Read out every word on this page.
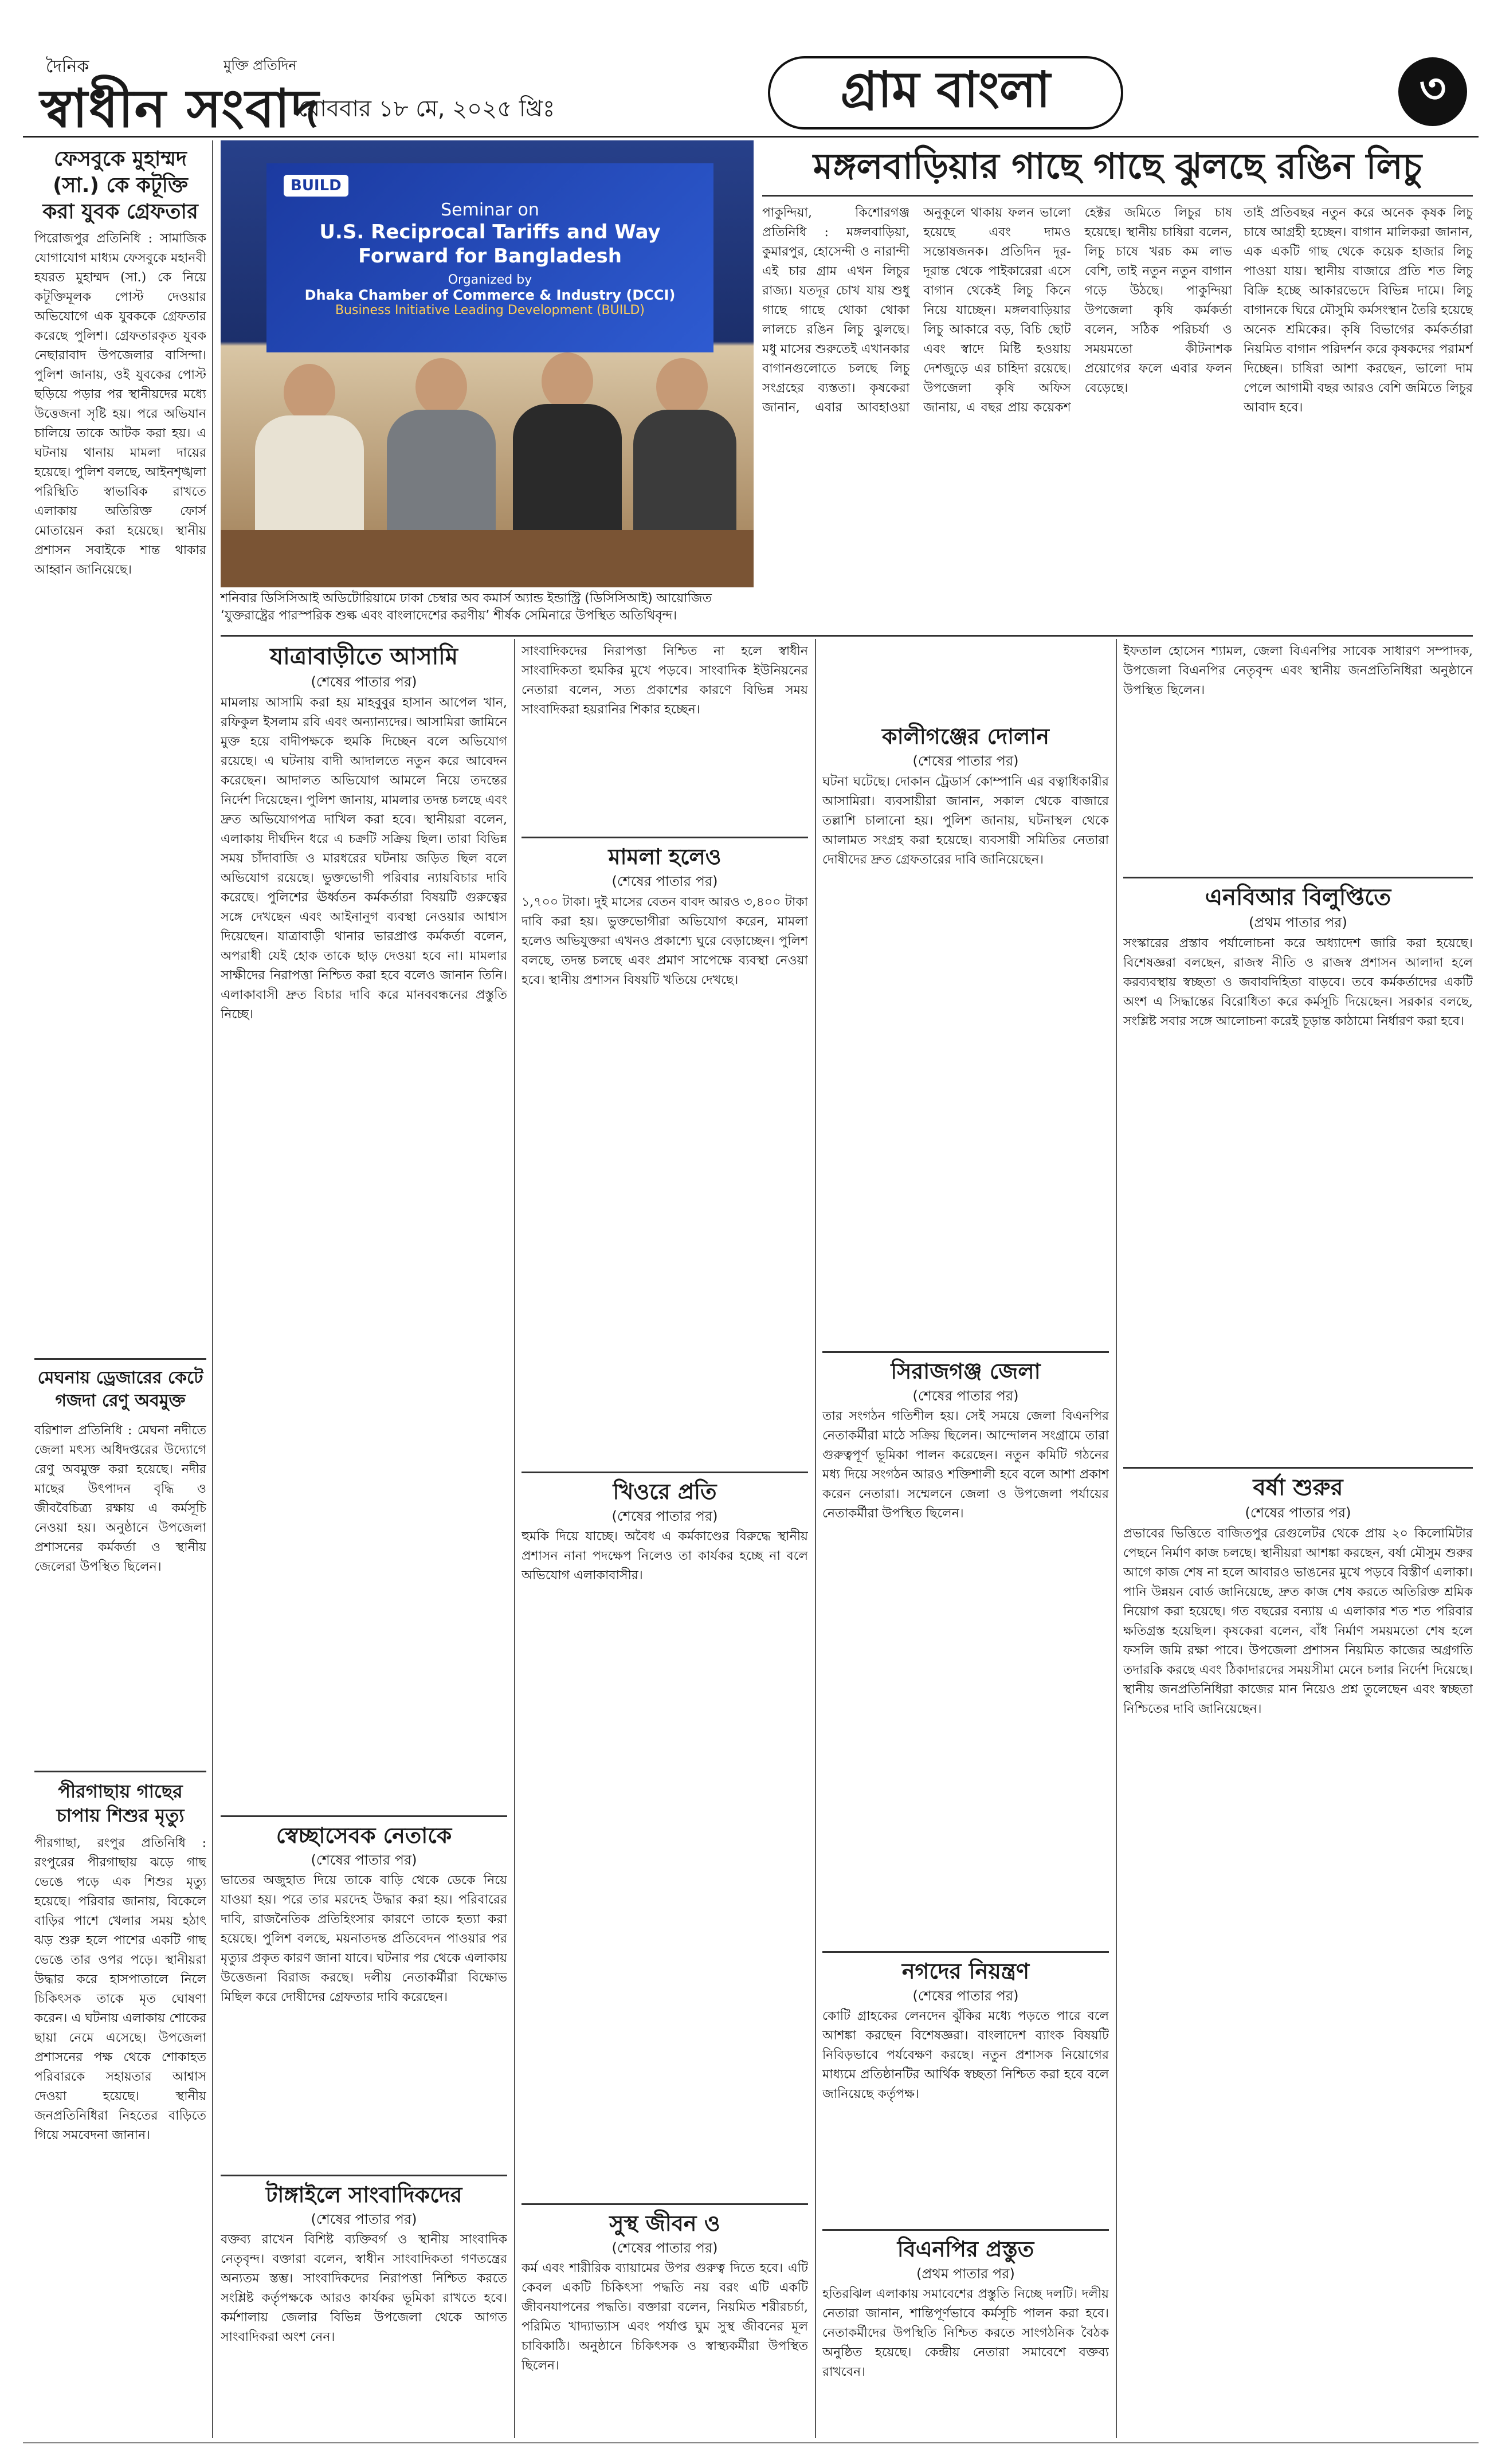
দৈনিক
স্বাধীন সংবাদ
মুক্তি প্রতিদিন
রোববার ১৮ মে, ২০২৫ খ্রিঃ	গ্রাম বাংলা	৩
ফেসবুকে মুহাম্মদ (সা.) কে কটূক্তি করা যুবক গ্রেফতার
পিরোজপুর প্রতিনিধি : সামাজিক যোগাযোগ মাধ্যম ফেসবুকে মহানবী হযরত মুহাম্মদ (সা.) কে নিয়ে কটূক্তিমূলক পোস্ট দেওয়ার অভিযোগে এক যুবককে গ্রেফতার করেছে পুলিশ। গ্রেফতারকৃত যুবক নেছারাবাদ উপজেলার বাসিন্দা। পুলিশ জানায়, ওই যুবকের পোস্ট ছড়িয়ে পড়ার পর স্থানীয়দের মধ্যে উত্তেজনা সৃষ্টি হয়। পরে অভিযান চালিয়ে তাকে আটক করা হয়। এ ঘটনায় থানায় মামলা দায়ের হয়েছে। পুলিশ বলছে, আইনশৃঙ্খলা পরিস্থিতি স্বাভাবিক রাখতে এলাকায় অতিরিক্ত ফোর্স মোতায়েন করা হয়েছে। স্থানীয় প্রশাসন সবাইকে শান্ত থাকার আহ্বান জানিয়েছে।
মেঘনায় ড্রেজারের কেটে গজদা রেণু অবমুক্ত
বরিশাল প্রতিনিধি : মেঘনা নদীতে জেলা মৎস্য অধিদপ্তরের উদ্যোগে রেণু অবমুক্ত করা হয়েছে। নদীর মাছের উৎপাদন বৃদ্ধি ও জীববৈচিত্র্য রক্ষায় এ কর্মসূচি নেওয়া হয়। অনুষ্ঠানে উপজেলা প্রশাসনের কর্মকর্তা ও স্থানীয় জেলেরা উপস্থিত ছিলেন।
পীরগাছায় গাছের চাপায় শিশুর মৃত্যু
পীরগাছা, রংপুর প্রতিনিধি : রংপুরের পীরগাছায় ঝড়ে গাছ ভেঙে পড়ে এক শিশুর মৃত্যু হয়েছে। পরিবার জানায়, বিকেলে বাড়ির পাশে খেলার সময় হঠাৎ ঝড় শুরু হলে পাশের একটি গাছ ভেঙে তার ওপর পড়ে। স্থানীয়রা উদ্ধার করে হাসপাতালে নিলে চিকিৎসক তাকে মৃত ঘোষণা করেন। এ ঘটনায় এলাকায় শোকের ছায়া নেমে এসেছে। উপজেলা প্রশাসনের পক্ষ থেকে শোকাহত পরিবারকে সহায়তার আশ্বাস দেওয়া হয়েছে। স্থানীয় জনপ্রতিনিধিরা নিহতের বাড়িতে গিয়ে সমবেদনা জানান।
BUILD
Seminar on
U.S. Reciprocal Tariffs and Way Forward for Bangladesh
Organized by
Dhaka Chamber of Commerce & Industry (DCCI)
Business Initiative Leading Development (BUILD)
শনিবার ডিসিসিআই অডিটোরিয়ামে ঢাকা চেম্বার অব কমার্স অ্যান্ড ইন্ডাস্ট্রি (ডিসিসিআই) আয়োজিত ‘যুক্তরাষ্ট্রের পারস্পরিক শুল্ক এবং বাংলাদেশের করণীয়’ শীর্ষক সেমিনারে উপস্থিত অতিথিবৃন্দ।
মঙ্গলবাড়িয়ার গাছে গাছে ঝুলছে রঙিন লিচু
পাকুন্দিয়া, কিশোরগঞ্জ প্রতিনিধি : মঙ্গলবাড়িয়া, কুমারপুর, হোসেন্দী ও নারান্দী এই চার গ্রাম এখন লিচুর রাজ্য। যতদূর চোখ যায় শুধু গাছে গাছে থোকা থোকা লালচে রঙিন লিচু ঝুলছে। মধু মাসের শুরুতেই এখানকার বাগানগুলোতে চলছে লিচু সংগ্রহের ব্যস্ততা। কৃষকেরা জানান, এবার আবহাওয়া অনুকূলে থাকায় ফলন ভালো হয়েছে এবং দামও সন্তোষজনক। প্রতিদিন দূর-দূরান্ত থেকে পাইকারেরা এসে বাগান থেকেই লিচু কিনে নিয়ে যাচ্ছেন। মঙ্গলবাড়িয়ার লিচু আকারে বড়, বিচি ছোট এবং স্বাদে মিষ্টি হওয়ায় দেশজুড়ে এর চাহিদা রয়েছে। উপজেলা কৃষি অফিস জানায়, এ বছর প্রায় কয়েকশ হেক্টর জমিতে লিচুর চাষ হয়েছে। স্থানীয় চাষিরা বলেন, লিচু চাষে খরচ কম লাভ বেশি, তাই নতুন নতুন বাগান গড়ে উঠছে। পাকুন্দিয়া উপজেলা কৃষি কর্মকর্তা বলেন, সঠিক পরিচর্যা ও সময়মতো কীটনাশক প্রয়োগের ফলে এবার ফলন বেড়েছে।
তাই প্রতিবছর নতুন করে অনেক কৃষক লিচু চাষে আগ্রহী হচ্ছেন। বাগান মালিকরা জানান, এক একটি গাছ থেকে কয়েক হাজার লিচু পাওয়া যায়। স্থানীয় বাজারে প্রতি শত লিচু বিক্রি হচ্ছে আকারভেদে বিভিন্ন দামে। লিচু বাগানকে ঘিরে মৌসুমি কর্মসংস্থান তৈরি হয়েছে অনেক শ্রমিকের। কৃষি বিভাগের কর্মকর্তারা নিয়মিত বাগান পরিদর্শন করে কৃষকদের পরামর্শ দিচ্ছেন। চাষিরা আশা করছেন, ভালো দাম পেলে আগামী বছর আরও বেশি জমিতে লিচুর আবাদ হবে।
যাত্রাবাড়ীতে আসামি
(শেষের পাতার পর)
মামলায় আসামি করা হয় মাহবুবুর হাসান আপেল খান, রফিকুল ইসলাম রবি এবং অন্যান্যদের। আসামিরা জামিনে মুক্ত হয়ে বাদীপক্ষকে হুমকি দিচ্ছেন বলে অভিযোগ রয়েছে। এ ঘটনায় বাদী আদালতে নতুন করে আবেদন করেছেন। আদালত অভিযোগ আমলে নিয়ে তদন্তের নির্দেশ দিয়েছেন। পুলিশ জানায়, মামলার তদন্ত চলছে এবং দ্রুত অভিযোগপত্র দাখিল করা হবে। স্থানীয়রা বলেন, এলাকায় দীর্ঘদিন ধরে এ চক্রটি সক্রিয় ছিল। তারা বিভিন্ন সময় চাঁদাবাজি ও মারধরের ঘটনায় জড়িত ছিল বলে অভিযোগ রয়েছে। ভুক্তভোগী পরিবার ন্যায়বিচার দাবি করেছে। পুলিশের ঊর্ধ্বতন কর্মকর্তারা বিষয়টি গুরুত্বের সঙ্গে দেখছেন এবং আইনানুগ ব্যবস্থা নেওয়ার আশ্বাস দিয়েছেন। যাত্রাবাড়ী থানার ভারপ্রাপ্ত কর্মকর্তা বলেন, অপরাধী যেই হোক তাকে ছাড় দেওয়া হবে না। মামলার সাক্ষীদের নিরাপত্তা নিশ্চিত করা হবে বলেও জানান তিনি। এলাকাবাসী দ্রুত বিচার দাবি করে মানববন্ধনের প্রস্তুতি নিচ্ছে।
স্বেচ্ছাসেবক নেতাকে
(শেষের পাতার পর)
ভাতের অজুহাত দিয়ে তাকে বাড়ি থেকে ডেকে নিয়ে যাওয়া হয়। পরে তার মরদেহ উদ্ধার করা হয়। পরিবারের দাবি, রাজনৈতিক প্রতিহিংসার কারণে তাকে হত্যা করা হয়েছে। পুলিশ বলছে, ময়নাতদন্ত প্রতিবেদন পাওয়ার পর মৃত্যুর প্রকৃত কারণ জানা যাবে। ঘটনার পর থেকে এলাকায় উত্তেজনা বিরাজ করছে। দলীয় নেতাকর্মীরা বিক্ষোভ মিছিল করে দোষীদের গ্রেফতার দাবি করেছেন।
টাঙ্গাইলে সাংবাদিকদের
(শেষের পাতার পর)
বক্তব্য রাখেন বিশিষ্ট ব্যক্তিবর্গ ও স্থানীয় সাংবাদিক নেতৃবৃন্দ। বক্তারা বলেন, স্বাধীন সাংবাদিকতা গণতন্ত্রের অন্যতম স্তম্ভ। সাংবাদিকদের নিরাপত্তা নিশ্চিত করতে সংশ্লিষ্ট কর্তৃপক্ষকে আরও কার্যকর ভূমিকা রাখতে হবে। কর্মশালায় জেলার বিভিন্ন উপজেলা থেকে আগত সাংবাদিকরা অংশ নেন।
সাংবাদিকদের নিরাপত্তা নিশ্চিত না হলে স্বাধীন সাংবাদিকতা হুমকির মুখে পড়বে। সাংবাদিক ইউনিয়নের নেতারা বলেন, সত্য প্রকাশের কারণে বিভিন্ন সময় সাংবাদিকরা হয়রানির শিকার হচ্ছেন।
মামলা হলেও
(শেষের পাতার পর)
১,৭০০ টাকা। দুই মাসের বেতন বাবদ আরও ৩,৪০০ টাকা দাবি করা হয়। ভুক্তভোগীরা অভিযোগ করেন, মামলা হলেও অভিযুক্তরা এখনও প্রকাশ্যে ঘুরে বেড়াচ্ছেন। পুলিশ বলছে, তদন্ত চলছে এবং প্রমাণ সাপেক্ষে ব্যবস্থা নেওয়া হবে। স্থানীয় প্রশাসন বিষয়টি খতিয়ে দেখছে।
খিওরে প্রতি
(শেষের পাতার পর)
হুমকি দিয়ে যাচ্ছে। অবৈধ এ কর্মকাণ্ডের বিরুদ্ধে স্থানীয় প্রশাসন নানা পদক্ষেপ নিলেও তা কার্যকর হচ্ছে না বলে অভিযোগ এলাকাবাসীর।
সুস্থ জীবন ও
(শেষের পাতার পর)
কর্ম এবং শারীরিক ব্যায়ামের উপর গুরুত্ব দিতে হবে। এটি কেবল একটি চিকিৎসা পদ্ধতি নয় বরং এটি একটি জীবনযাপনের পদ্ধতি। বক্তারা বলেন, নিয়মিত শরীরচর্চা, পরিমিত খাদ্যাভ্যাস এবং পর্যাপ্ত ঘুম সুস্থ জীবনের মূল চাবিকাঠি। অনুষ্ঠানে চিকিৎসক ও স্বাস্থ্যকর্মীরা উপস্থিত ছিলেন।
কালীগঞ্জের দোলান
(শেষের পাতার পর)
ঘটনা ঘটেছে। দোকান ট্রেডার্স কোম্পানি এর বত্বাধিকারীর আসামিরা। ব্যবসায়ীরা জানান, সকাল থেকে বাজারে তল্লাশি চালানো হয়। পুলিশ জানায়, ঘটনাস্থল থেকে আলামত সংগ্রহ করা হয়েছে। ব্যবসায়ী সমিতির নেতারা দোষীদের দ্রুত গ্রেফতারের দাবি জানিয়েছেন।
সিরাজগঞ্জ জেলা
(শেষের পাতার পর)
তার সংগঠন গতিশীল হয়। সেই সময়ে জেলা বিএনপির নেতাকর্মীরা মাঠে সক্রিয় ছিলেন। আন্দোলন সংগ্রামে তারা গুরুত্বপূর্ণ ভূমিকা পালন করেছেন। নতুন কমিটি গঠনের মধ্য দিয়ে সংগঠন আরও শক্তিশালী হবে বলে আশা প্রকাশ করেন নেতারা। সম্মেলনে জেলা ও উপজেলা পর্যায়ের নেতাকর্মীরা উপস্থিত ছিলেন।
নগদের নিয়ন্ত্রণ
(শেষের পাতার পর)
কোটি গ্রাহকের লেনদেন ঝুঁকির মধ্যে পড়তে পারে বলে আশঙ্কা করছেন বিশেষজ্ঞরা। বাংলাদেশ ব্যাংক বিষয়টি নিবিড়ভাবে পর্যবেক্ষণ করছে। নতুন প্রশাসক নিয়োগের মাধ্যমে প্রতিষ্ঠানটির আর্থিক স্বচ্ছতা নিশ্চিত করা হবে বলে জানিয়েছে কর্তৃপক্ষ।
বিএনপির প্রস্তুত
(প্রথম পাতার পর)
হতিরঝিল এলাকায় সমাবেশের প্রস্তুতি নিচ্ছে দলটি। দলীয় নেতারা জানান, শান্তিপূর্ণভাবে কর্মসূচি পালন করা হবে। নেতাকর্মীদের উপস্থিতি নিশ্চিত করতে সাংগঠনিক বৈঠক অনুষ্ঠিত হয়েছে। কেন্দ্রীয় নেতারা সমাবেশে বক্তব্য রাখবেন।
ইফতাল হোসেন শ্যামল, জেলা বিএনপির সাবেক সাধারণ সম্পাদক, উপজেলা বিএনপির নেতৃবৃন্দ এবং স্থানীয় জনপ্রতিনিধিরা অনুষ্ঠানে উপস্থিত ছিলেন।
এনবিআর বিলুপ্তিতে
(প্রথম পাতার পর)
সংস্কারের প্রস্তাব পর্যালোচনা করে অধ্যাদেশ জারি করা হয়েছে। বিশেষজ্ঞরা বলছেন, রাজস্ব নীতি ও রাজস্ব প্রশাসন আলাদা হলে করব্যবস্থায় স্বচ্ছতা ও জবাবদিহিতা বাড়বে। তবে কর্মকর্তাদের একটি অংশ এ সিদ্ধান্তের বিরোধিতা করে কর্মসূচি দিয়েছেন। সরকার বলছে, সংশ্লিষ্ট সবার সঙ্গে আলোচনা করেই চূড়ান্ত কাঠামো নির্ধারণ করা হবে।
বর্ষা শুরুর
(শেষের পাতার পর)
প্রভাবের ভিত্তিতে বাজিতপুর রেগুলেটর থেকে প্রায় ২০ কিলোমিটার পেছনে নির্মাণ কাজ চলছে। স্থানীয়রা আশঙ্কা করছেন, বর্ষা মৌসুম শুরুর আগে কাজ শেষ না হলে আবারও ভাঙনের মুখে পড়বে বিস্তীর্ণ এলাকা। পানি উন্নয়ন বোর্ড জানিয়েছে, দ্রুত কাজ শেষ করতে অতিরিক্ত শ্রমিক নিয়োগ করা হয়েছে। গত বছরের বন্যায় এ এলাকার শত শত পরিবার ক্ষতিগ্রস্ত হয়েছিল। কৃষকেরা বলেন, বাঁধ নির্মাণ সময়মতো শেষ হলে ফসলি জমি রক্ষা পাবে। উপজেলা প্রশাসন নিয়মিত কাজের অগ্রগতি তদারকি করছে এবং ঠিকাদারদের সময়সীমা মেনে চলার নির্দেশ দিয়েছে। স্থানীয় জনপ্রতিনিধিরা কাজের মান নিয়েও প্রশ্ন তুলেছেন এবং স্বচ্ছতা নিশ্চিতের দাবি জানিয়েছেন।
